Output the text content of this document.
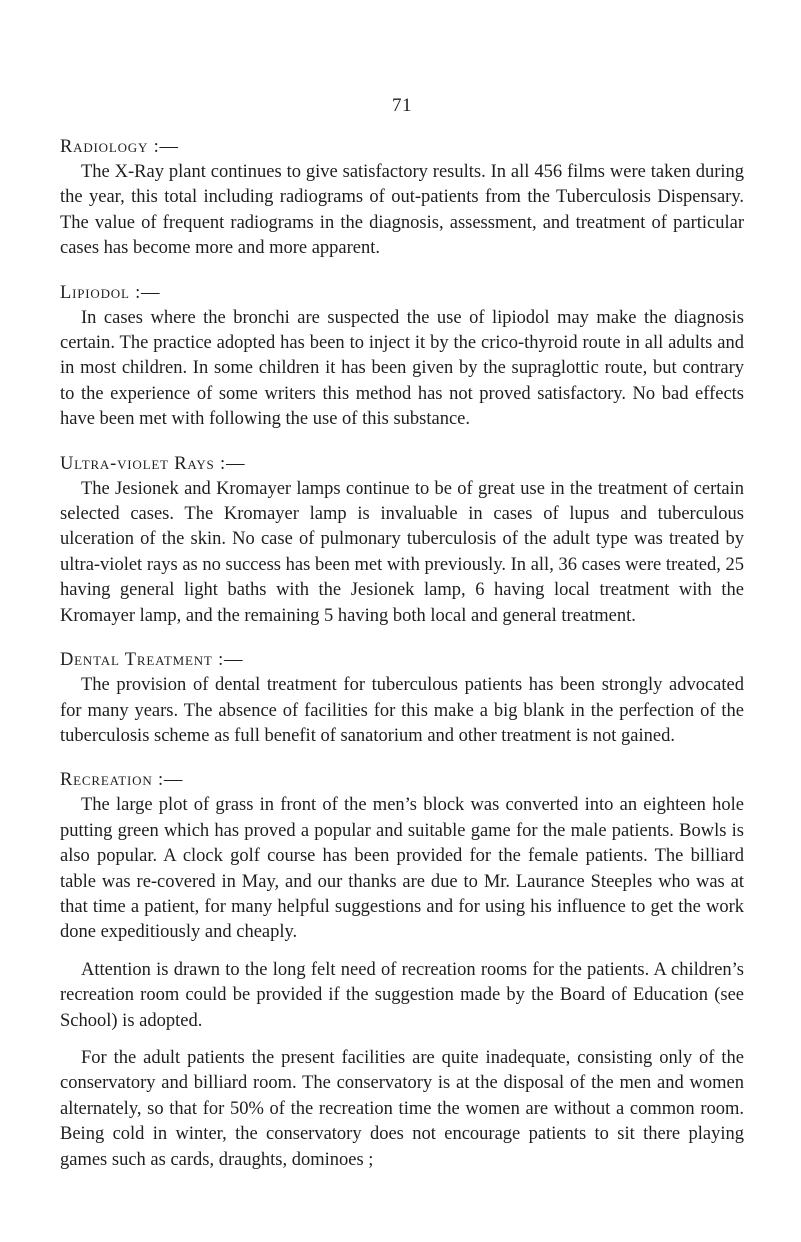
71

Radiology :—

The X-Ray plant continues to give satisfactory results. In all 456 films were taken during the year, this total including radiograms of out-patients from the Tuberculosis Dispensary. The value of frequent radiograms in the diagnosis, assessment, and treatment of particular cases has become more and more apparent.

Lipiodol :—

In cases where the bronchi are suspected the use of lipiodol may make the diagnosis certain. The practice adopted has been to inject it by the crico-thyroid route in all adults and in most children. In some children it has been given by the supraglottic route, but contrary to the experience of some writers this method has not proved satisfactory. No bad effects have been met with following the use of this substance.

Ultra-violet Rays :—

The Jesionek and Kromayer lamps continue to be of great use in the treatment of certain selected cases. The Kromayer lamp is invaluable in cases of lupus and tuberculous ulceration of the skin. No case of pulmonary tuberculosis of the adult type was treated by ultra-violet rays as no success has been met with previously. In all, 36 cases were treated, 25 having general light baths with the Jesionek lamp, 6 having local treatment with the Kromayer lamp, and the remaining 5 having both local and general treatment.

Dental Treatment :—

The provision of dental treatment for tuberculous patients has been strongly advocated for many years. The absence of facilities for this make a big blank in the perfection of the tuberculosis scheme as full benefit of sanatorium and other treatment is not gained.

Recreation :—

The large plot of grass in front of the men’s block was converted into an eighteen hole putting green which has proved a popular and suitable game for the male patients. Bowls is also popular. A clock golf course has been provided for the female patients. The billiard table was re-covered in May, and our thanks are due to Mr. Laurance Steeples who was at that time a patient, for many helpful suggestions and for using his influence to get the work done expeditiously and cheaply.

Attention is drawn to the long felt need of recreation rooms for the patients. A children’s recreation room could be provided if the suggestion made by the Board of Education (see School) is adopted.

For the adult patients the present facilities are quite inadequate, consisting only of the conservatory and billiard room. The conservatory is at the disposal of the men and women alternately, so that for 50% of the recreation time the women are without a common room. Being cold in winter, the conservatory does not encourage patients to sit there playing games such as cards, draughts, dominoes ;
